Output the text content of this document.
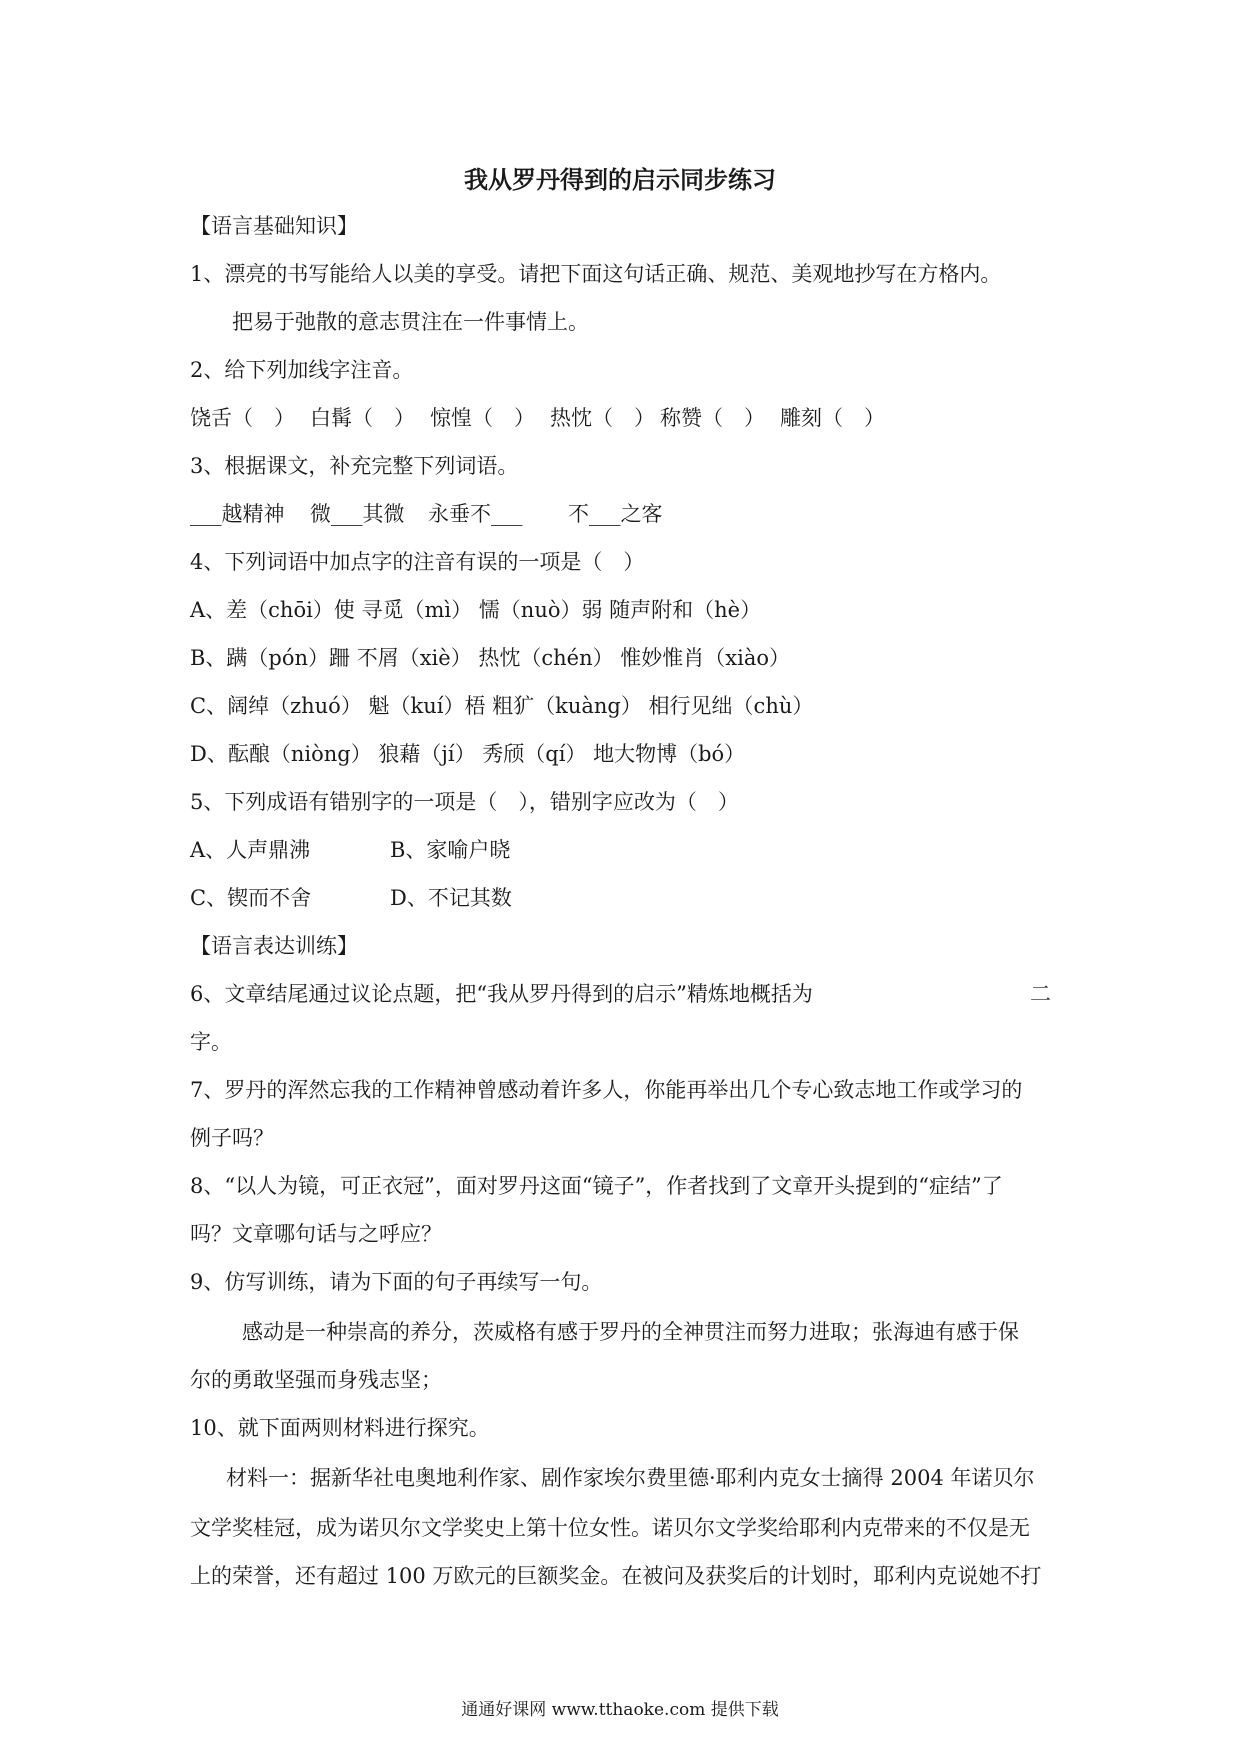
我从罗丹得到的启示同步练习
【语言基础知识】
1、漂亮的书写能给人以美的享受。请把下面这句话正确、规范、美观地抄写在方格内。
把易于弛散的意志贯注在一件事情上。
2、给下列加线字注音。
饶舌（　） 白髯（　） 惊惶（　） 热忱（　） 称赞（　） 雕刻（　）
3、根据课文，补充完整下列词语。
___越精神 微___其微 永垂不___ 不___之客
4、下列词语中加点字的注音有误的一项是（　）
A、差（chōi）使 寻觅（mì） 懦（nuò）弱 随声附和（hè）
B、蹒（pón）跚 不屑（xiè） 热忱（chén） 惟妙惟肖（xiào）
C、阔绰（zhuó） 魁（kuí）梧 粗犷（kuàng） 相行见绌（chù）
D、酝酿（niòng） 狼藉（jí） 秀颀（qí） 地大物博（bó）
5、下列成语有错别字的一项是（　），错别字应改为（　）
A、人声鼎沸	B、家喻户晓
C、锲而不舍	D、不记其数
【语言表达训练】
6、文章结尾通过议论点题，把“我从罗丹得到的启示”精炼地概括为	二
字。
7、罗丹的浑然忘我的工作精神曾感动着许多人，你能再举出几个专心致志地工作或学习的
例子吗？
8、“以人为镜，可正衣冠”，面对罗丹这面“镜子”，作者找到了文章开头提到的“症结”了
吗？文章哪句话与之呼应？
9、仿写训练，请为下面的句子再续写一句。
感动是一种崇高的养分，茨威格有感于罗丹的全神贯注而努力进取；张海迪有感于保
尔的勇敢坚强而身残志坚；
10、就下面两则材料进行探究。
材料一：据新华社电奥地利作家、剧作家埃尔费里德·耶利内克女士摘得 2004 年诺贝尔
文学奖桂冠，成为诺贝尔文学奖史上第十位女性。诺贝尔文学奖给耶利内克带来的不仅是无
上的荣誉，还有超过 100 万欧元的巨额奖金。在被问及获奖后的计划时，耶利内克说她不打
通通好课网 www.tthaoke.com 提供下载
